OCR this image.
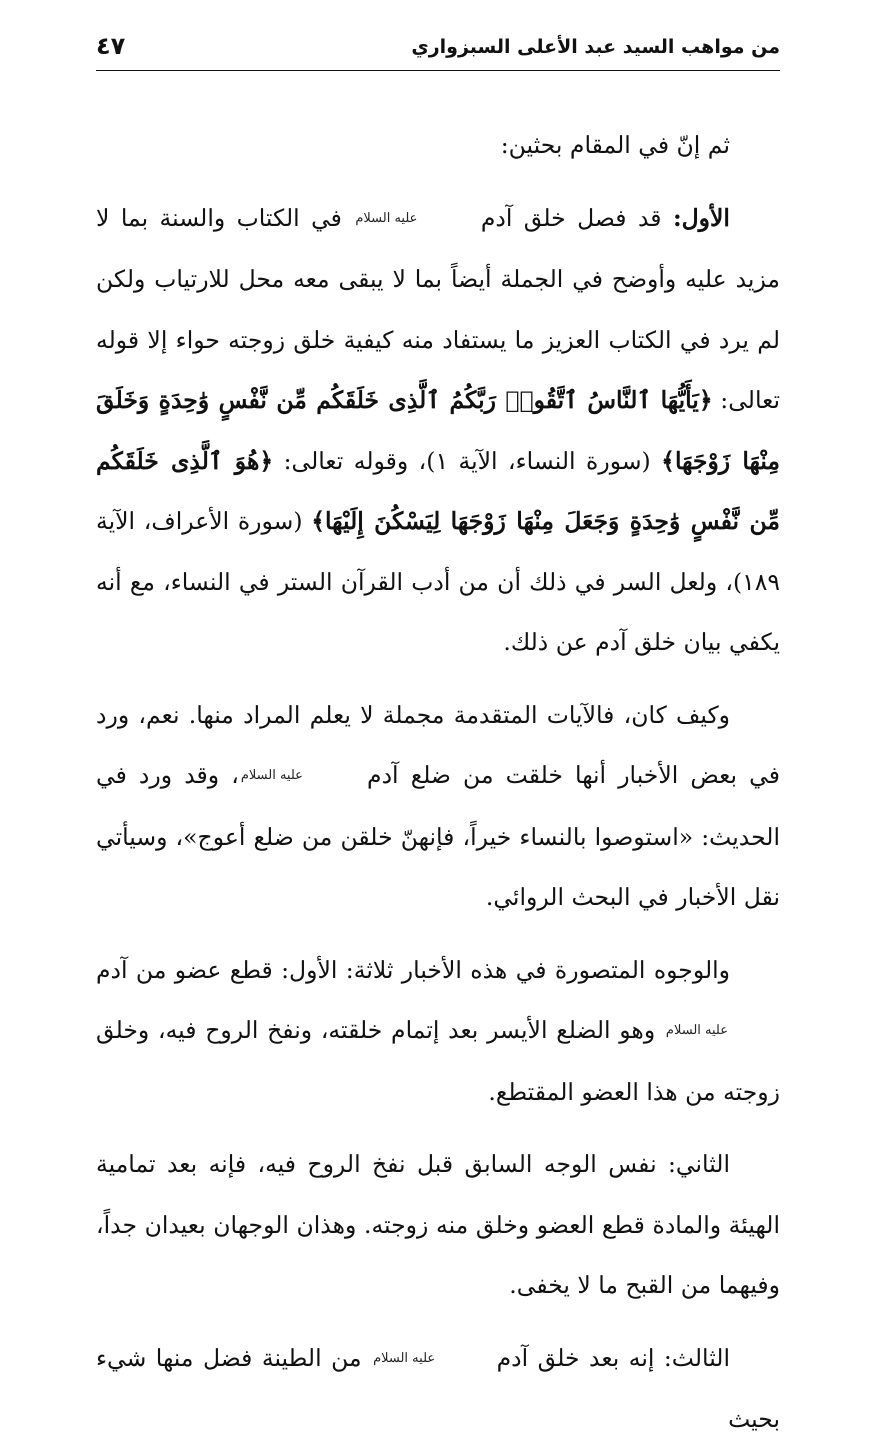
من مواهب السيد عبد الأعلى السبزواري
٤٧

ثم إنّ في المقام بحثين:

الأول: قد فصل خلق آدم عليه السلام في الكتاب والسنة بما لا مزيد عليه وأوضح في الجملة أيضاً بما لا يبقى معه محل للارتياب ولكن لم يرد في الكتاب العزيز ما يستفاد منه كيفية خلق زوجته حواء إلا قوله تعالى: ﴿يَأَيُّهَا ٱلنَّاسُ ٱتَّقُوا۟ رَبَّكُمُ ٱلَّذِى خَلَقَكُم مِّن نَّفْسٍ وَٰحِدَةٍ وَخَلَقَ مِنْهَا زَوْجَهَا﴾ (سورة النساء، الآية ١)، وقوله تعالى: ﴿هُوَ ٱلَّذِى خَلَقَكُم مِّن نَّفْسٍ وَٰحِدَةٍ وَجَعَلَ مِنْهَا زَوْجَهَا لِيَسْكُنَ إِلَيْهَا﴾ (سورة الأعراف، الآية ١٨٩)، ولعل السر في ذلك أن من أدب القرآن الستر في النساء، مع أنه يكفي بيان خلق آدم عن ذلك.

وكيف كان، فالآيات المتقدمة مجملة لا يعلم المراد منها. نعم، ورد في بعض الأخبار أنها خلقت من ضلع آدم عليه السلام، وقد ورد في الحديث: «استوصوا بالنساء خيراً، فإنهنّ خلقن من ضلع أعوج»، وسيأتي نقل الأخبار في البحث الروائي.

والوجوه المتصورة في هذه الأخبار ثلاثة: الأول: قطع عضو من آدم عليه السلام وهو الضلع الأيسر بعد إتمام خلقته، ونفخ الروح فيه، وخلق زوجته من هذا العضو المقتطع.

الثاني: نفس الوجه السابق قبل نفخ الروح فيه، فإنه بعد تمامية الهيئة والمادة قطع العضو وخلق منه زوجته. وهذان الوجهان بعيدان جداً، وفيهما من القبح ما لا يخفى.

الثالث: إنه بعد خلق آدم عليه السلام من الطينة فضل منها شيء بحيث
